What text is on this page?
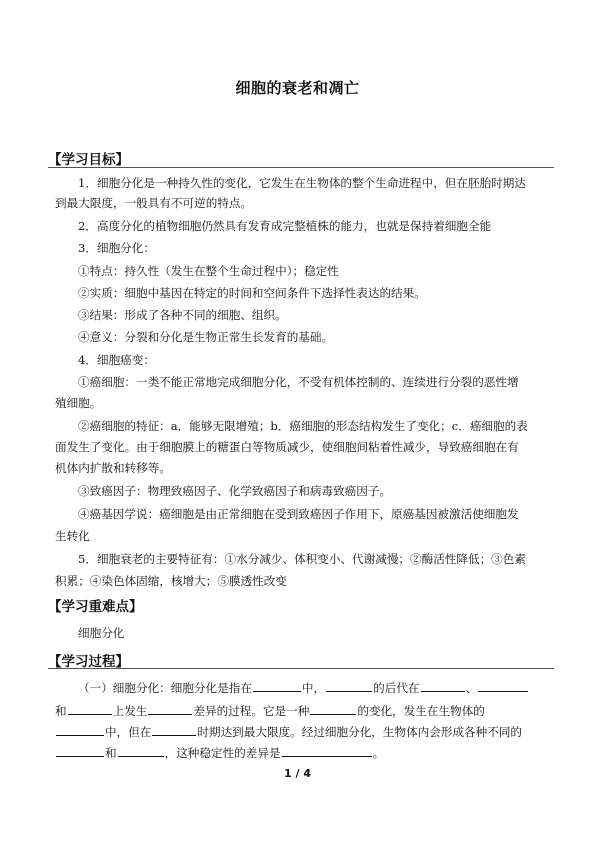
细胞的衰老和凋亡
【学习目标】
1．细胞分化是一种持久性的变化，它发生在生物体的整个生命进程中，但在胚胎时期达
到最大限度，一般具有不可逆的特点。
2．高度分化的植物细胞仍然具有发育成完整植株的能力，也就是保持着细胞全能
3．细胞分化：
①特点：持久性（发生在整个生命过程中）；稳定性
②实质：细胞中基因在特定的时间和空间条件下选择性表达的结果。
③结果：形成了各种不同的细胞、组织。
④意义：分裂和分化是生物正常生长发育的基础。
4．细胞癌变：
①癌细胞：一类不能正常地完成细胞分化，不受有机体控制的、连续进行分裂的恶性增
殖细胞。
②癌细胞的特征：a．能够无限增殖；b．癌细胞的形态结构发生了变化；c．癌细胞的表
面发生了变化。由于细胞膜上的糖蛋白等物质减少，使细胞间粘着性减少，导致癌细胞在有
机体内扩散和转移等。
③致癌因子：物理致癌因子、化学致癌因子和病毒致癌因子。
④癌基因学说：癌细胞是由正常细胞在受到致癌因子作用下，原癌基因被激活使细胞发
生转化
5．细胞衰老的主要特征有：①水分减少、体积变小、代谢减慢；②酶活性降低；③色素
积累；④染色体固缩，核增大；⑤膜透性改变
【学习重难点】
细胞分化
【学习过程】
（一）细胞分化：细胞分化是指在	中，	的后代在	、
和	上发生	差异的过程。它是一种	的变化，发生在生物体的
中，但在	时期达到最大限度。经过细胞分化，生物体内会形成各种不同的
和	，这种稳定性的差异是	。
1 / 4
